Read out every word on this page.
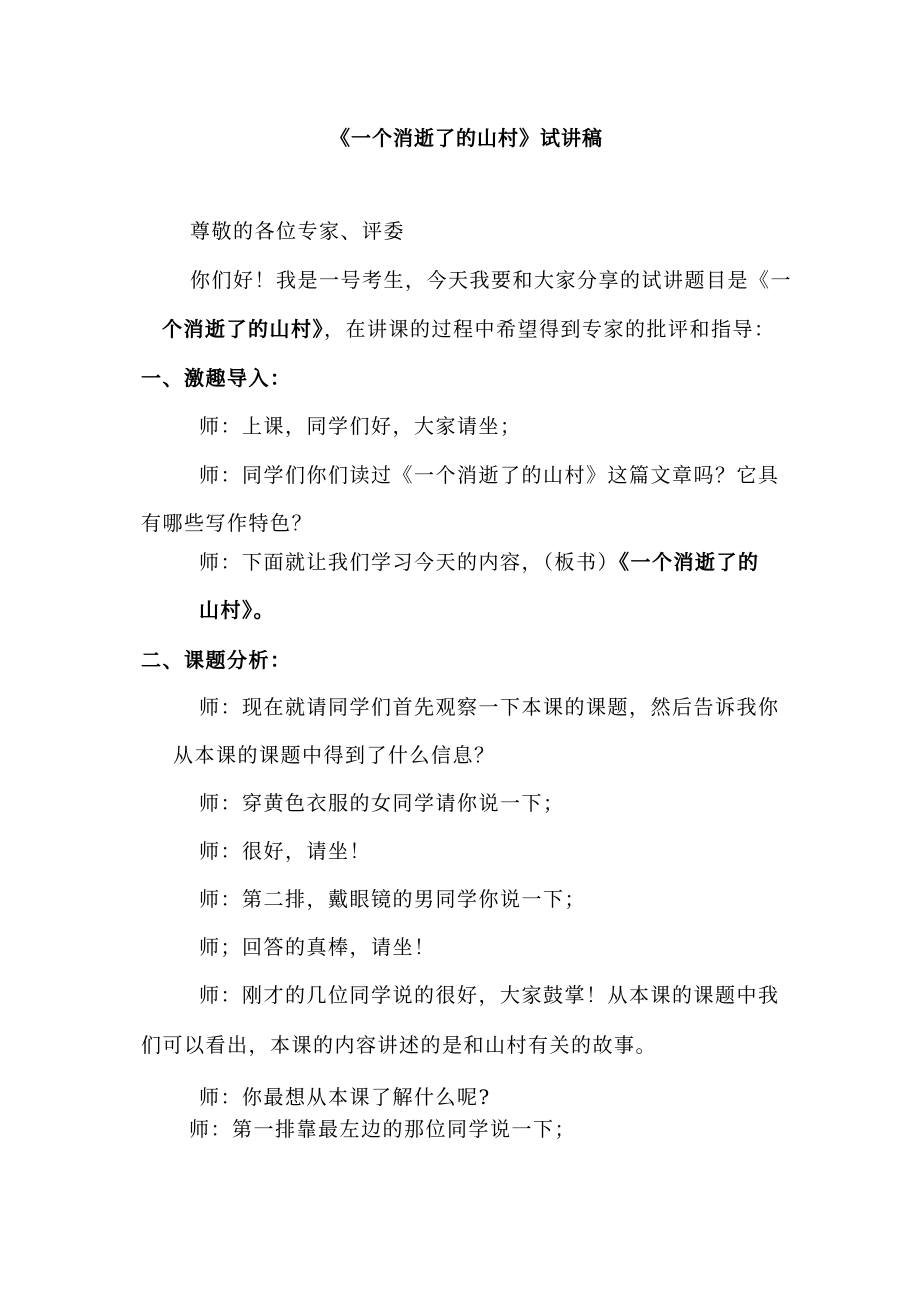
《一个消逝了的山村》试讲稿
尊敬的各位专家、评委
你们好！我是一号考生，今天我要和大家分享的试讲题目是《一
个消逝了的山村》，在讲课的过程中希望得到专家的批评和指导：
一、激趣导入：
师：上课，同学们好，大家请坐；
师：同学们你们读过《一个消逝了的山村》这篇文章吗？它具
有哪些写作特色？
师：下面就让我们学习今天的内容，（板书）《一个消逝了的
山村》。
二、课题分析：
师：现在就请同学们首先观察一下本课的课题，然后告诉我你
从本课的课题中得到了什么信息？
师：穿黄色衣服的女同学请你说一下；
师：很好，请坐！
师：第二排，戴眼镜的男同学你说一下；
师；回答的真棒，请坐！
师：刚才的几位同学说的很好，大家鼓掌！从本课的课题中我
们可以看出，本课的内容讲述的是和山村有关的故事。
师：你最想从本课了解什么呢?
师：第一排靠最左边的那位同学说一下；
